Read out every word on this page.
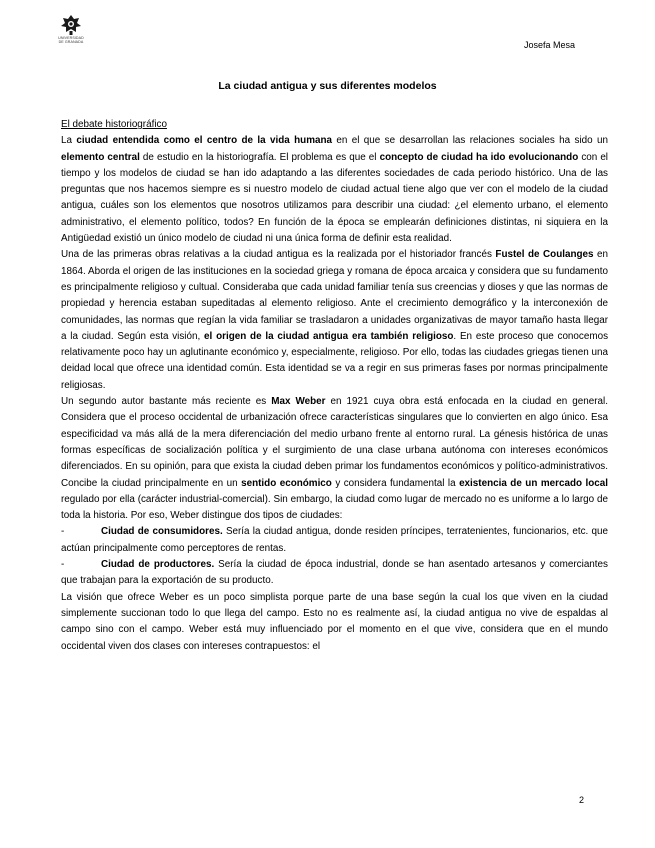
UNIVERSIDAD
DE GRANADA	Josefa Mesa
La ciudad antigua y sus diferentes modelos

El debate historiográfico

La ciudad entendida como el centro de la vida humana en el que se desarrollan las relaciones sociales ha sido un elemento central de estudio en la historiografía. El problema es que el concepto de ciudad ha ido evolucionando con el tiempo y los modelos de ciudad se han ido adaptando a las diferentes sociedades de cada periodo histórico. Una de las preguntas que nos hacemos siempre es si nuestro modelo de ciudad actual tiene algo que ver con el modelo de la ciudad antigua, cuáles son los elementos que nosotros utilizamos para describir una ciudad: ¿el elemento urbano, el elemento administrativo, el elemento político, todos? En función de la época se emplearán definiciones distintas, ni siquiera en la Antigüedad existió un único modelo de ciudad ni una única forma de definir esta realidad.

Una de las primeras obras relativas a la ciudad antigua es la realizada por el historiador francés Fustel de Coulanges en 1864. Aborda el origen de las instituciones en la sociedad griega y romana de época arcaica y considera que su fundamento es principalmente religioso y cultual. Consideraba que cada unidad familiar tenía sus creencias y dioses y que las normas de propiedad y herencia estaban supeditadas al elemento religioso. Ante el crecimiento demográfico y la interconexión de comunidades, las normas que regían la vida familiar se trasladaron a unidades organizativas de mayor tamaño hasta llegar a la ciudad. Según esta visión, el origen de la ciudad antigua era también religioso. En este proceso que conocemos relativamente poco hay un aglutinante económico y, especialmente, religioso. Por ello, todas las ciudades griegas tienen una deidad local que ofrece una identidad común. Esta identidad se va a regir en sus primeras fases por normas principalmente religiosas.

Un segundo autor bastante más reciente es Max Weber en 1921 cuya obra está enfocada en la ciudad en general. Considera que el proceso occidental de urbanización ofrece características singulares que lo convierten en algo único. Esa especificidad va más allá de la mera diferenciación del medio urbano frente al entorno rural. La génesis histórica de unas formas específicas de socialización política y el surgimiento de una clase urbana autónoma con intereses económicos diferenciados. En su opinión, para que exista la ciudad deben primar los fundamentos económicos y político-administrativos. Concibe la ciudad principalmente en un sentido económico y considera fundamental la existencia de un mercado local regulado por ella (carácter industrial-comercial). Sin embargo, la ciudad como lugar de mercado no es uniforme a lo largo de toda la historia. Por eso, Weber distingue dos tipos de ciudades:

-	Ciudad de consumidores. Sería la ciudad antigua, donde residen príncipes, terratenientes, funcionarios, etc. que actúan principalmente como perceptores de rentas.

-	Ciudad de productores. Sería la ciudad de época industrial, donde se han asentado artesanos y comerciantes que trabajan para la exportación de su producto.

La visión que ofrece Weber es un poco simplista porque parte de una base según la cual los que viven en la ciudad simplemente succionan todo lo que llega del campo. Esto no es realmente así, la ciudad antigua no vive de espaldas al campo sino con el campo. Weber está muy influenciado por el momento en el que vive, considera que en el mundo occidental viven dos clases con intereses contrapuestos: el

2
